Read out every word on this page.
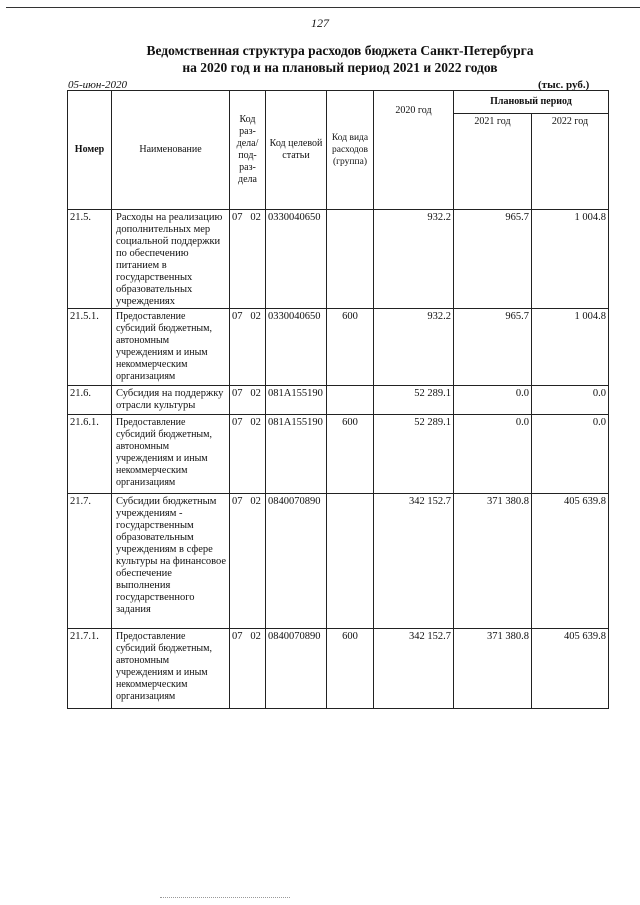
127
Ведомственная структура расходов бюджета Санкт-Петербурга
на 2020 год и на плановый период 2021 и 2022 годов
05-июн-2020	(тыс. руб.)
Номер	Наименование	Код раз- дела/ под- раз- дела	Код целевой статьи	Код вида расходов (группа)	2020 год	Плановый период	
						2021 год	2022 год
21.5.	Расходы на реализацию дополнительных мер социальной поддержки по обеспечению питанием в государственных образовательных учреждениях	07 02	0330040650		932.2	965.7	1 004.8
21.5.1.	Предоставление субсидий бюджетным, автономным учреждениям и иным некоммерческим организациям	07 02	0330040650	600	932.2	965.7	1 004.8
21.6.	Субсидия на поддержку отрасли культуры	07 02	081A155190		52 289.1	0.0	0.0
21.6.1.	Предоставление субсидий бюджетным, автономным учреждениям и иным некоммерческим организациям	07 02	081A155190	600	52 289.1	0.0	0.0
21.7.	Субсидии бюджетным учреждениям - государственным образовательным учреждениям в сфере культуры на финансовое обеспечение выполнения государственного задания	07 02	0840070890		342 152.7	371 380.8	405 639.8
21.7.1.	Предоставление субсидий бюджетным, автономным учреждениям и иным некоммерческим организациям	07 02	0840070890	600	342 152.7	371 380.8	405 639.8
